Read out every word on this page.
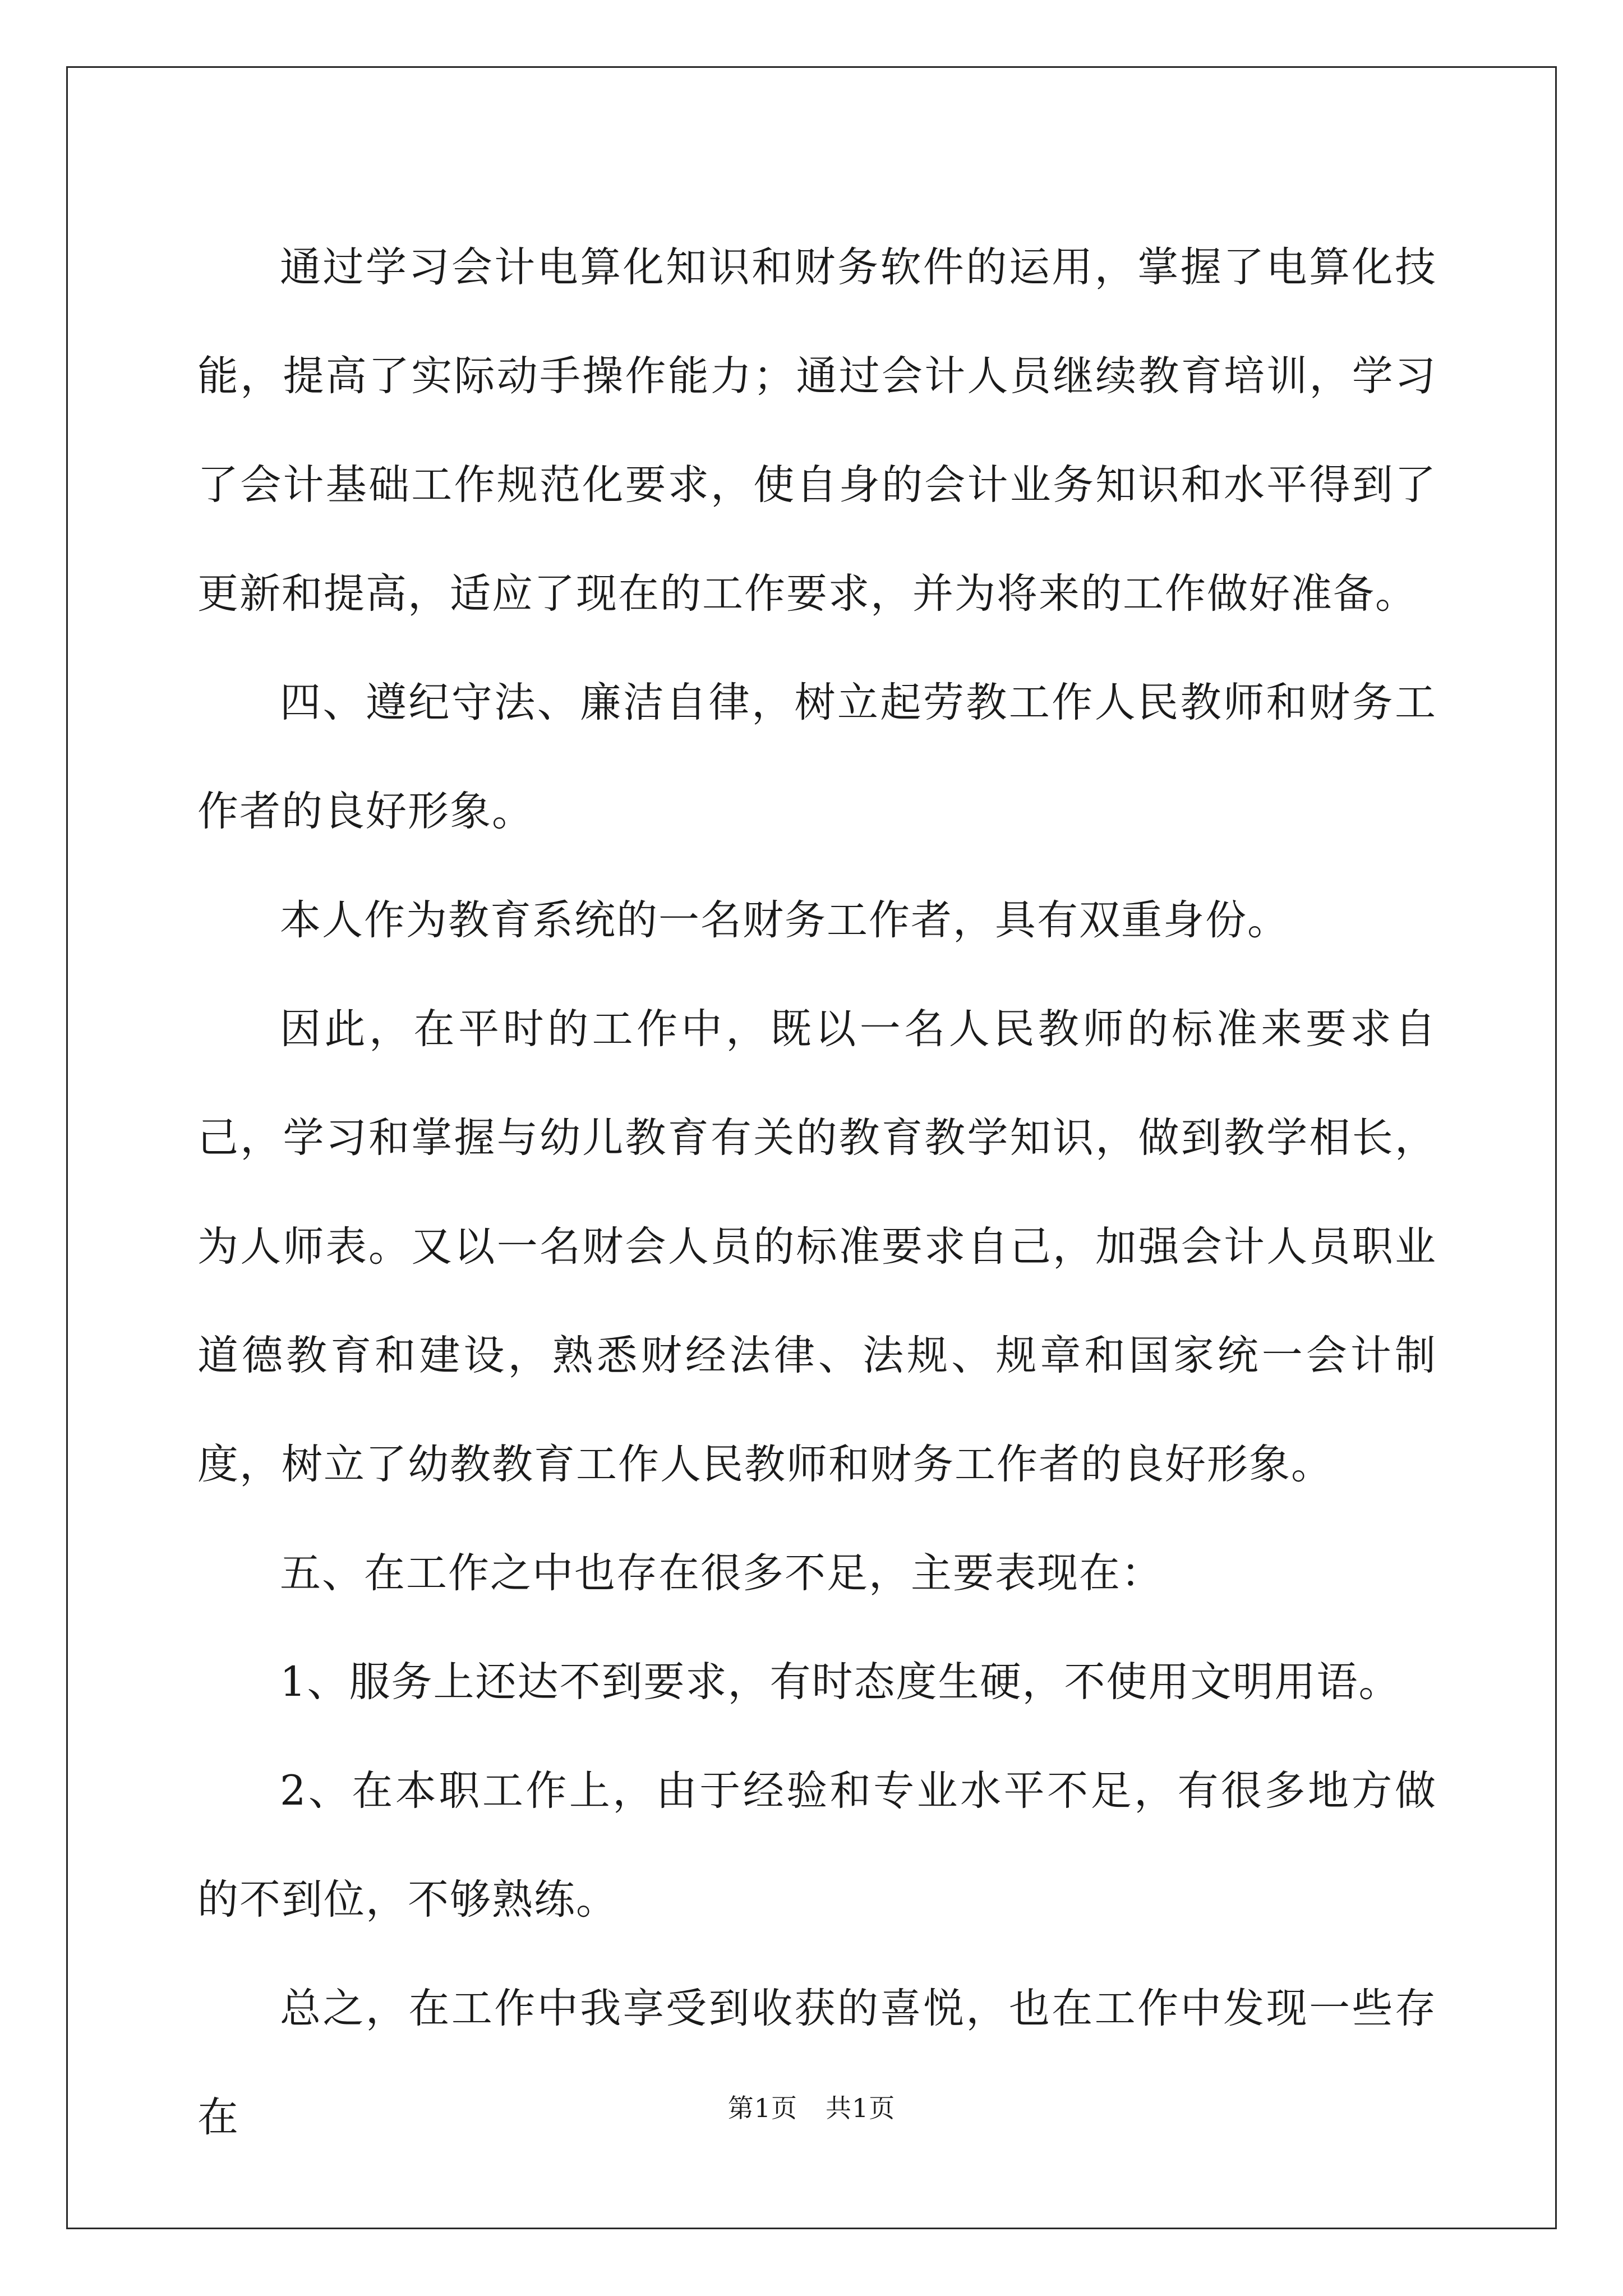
通过学习会计电算化知识和财务软件的运用，掌握了电算化技能，提高了实际动手操作能力；通过会计人员继续教育培训，学习了会计基础工作规范化要求，使自身的会计业务知识和水平得到了更新和提高，适应了现在的工作要求，并为将来的工作做好准备。

四、遵纪守法、廉洁自律，树立起劳教工作人民教师和财务工作者的良好形象。

本人作为教育系统的一名财务工作者，具有双重身份。

因此，在平时的工作中，既以一名人民教师的标准来要求自己，学习和掌握与幼儿教育有关的教育教学知识，做到教学相长，为人师表。又以一名财会人员的标准要求自己，加强会计人员职业道德教育和建设，熟悉财经法律、法规、规章和国家统一会计制度，树立了幼教教育工作人民教师和财务工作者的良好形象。

五、在工作之中也存在很多不足，主要表现在：

1、服务上还达不到要求，有时态度生硬，不使用文明用语。

2、在本职工作上，由于经验和专业水平不足，有很多地方做的不到位，不够熟练。

总之，在工作中我享受到收获的喜悦，也在工作中发现一些存在	第1页 共1页
